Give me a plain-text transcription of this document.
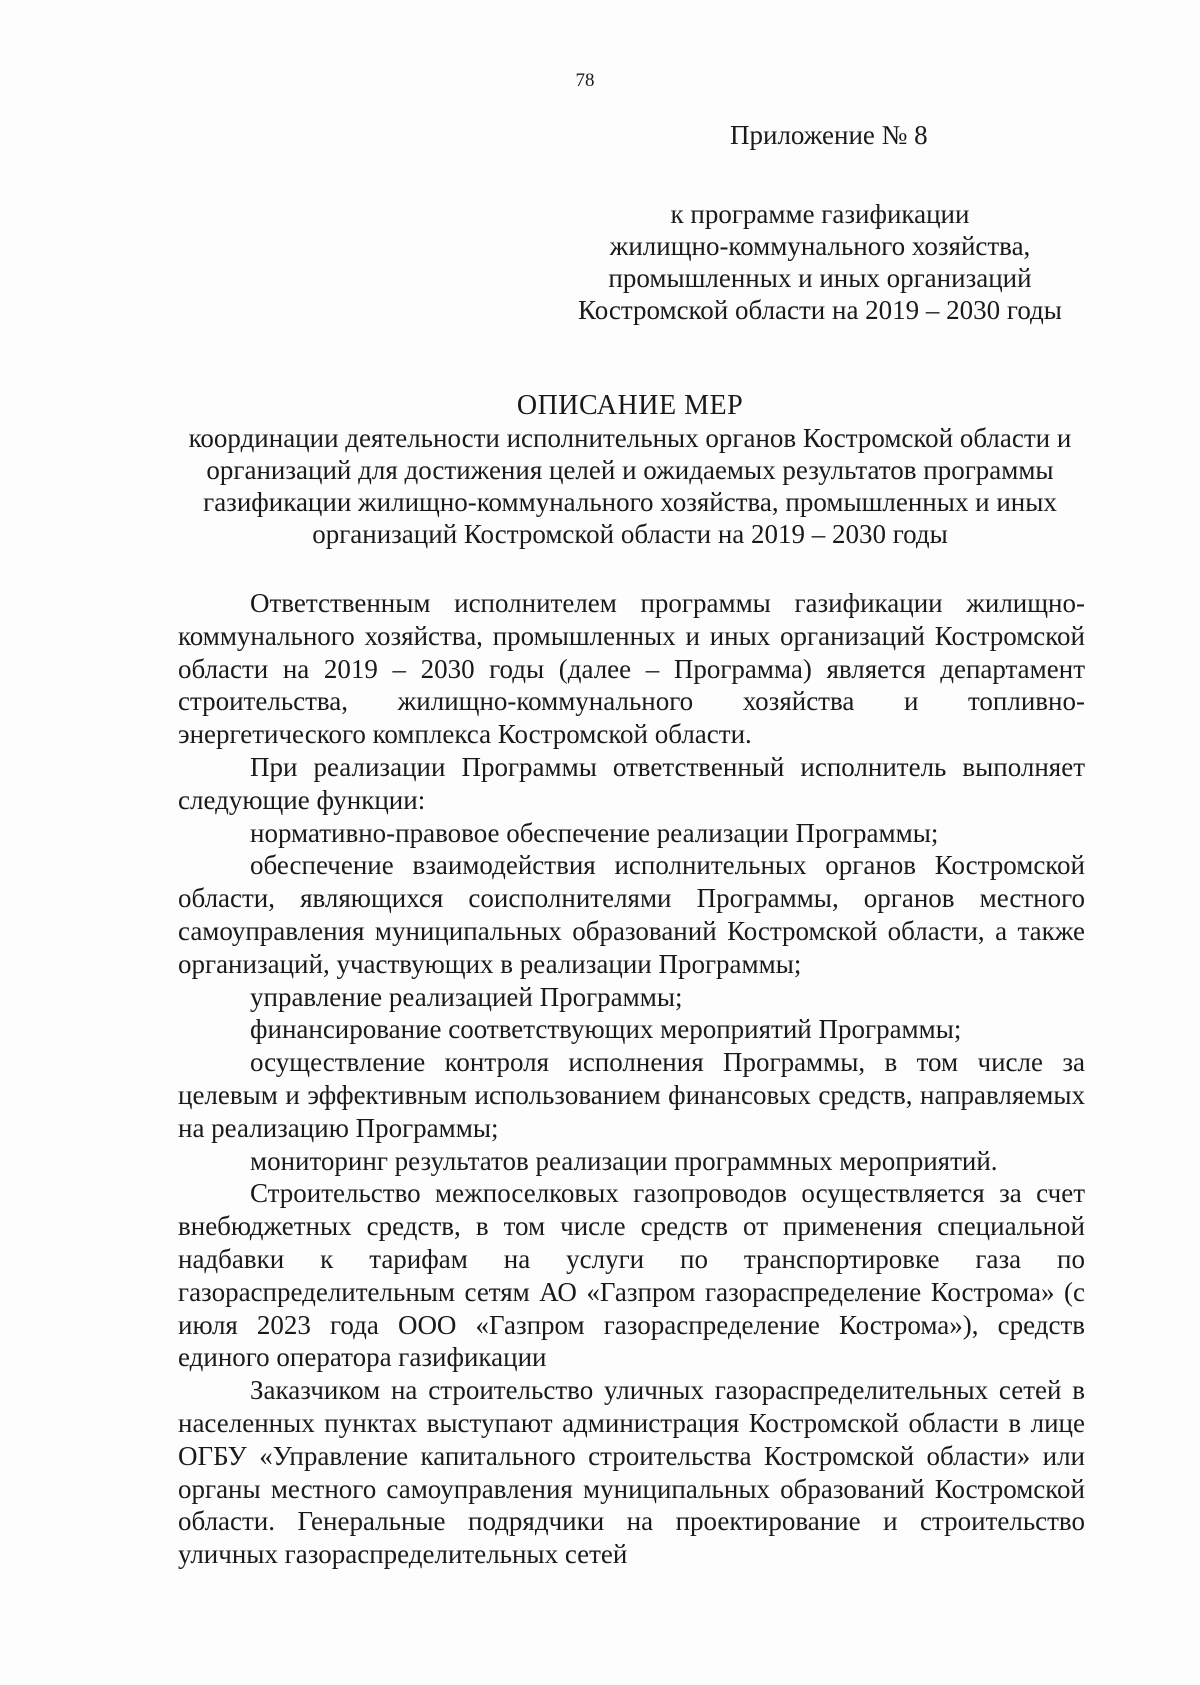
78
Приложение № 8
к программе газификации
жилищно-коммунального хозяйства,
промышленных и иных организаций
Костромской области на 2019 – 2030 годы
ОПИСАНИЕ МЕР
координации деятельности исполнительных органов Костромской области и организаций для достижения целей и ожидаемых результатов программы газификации жилищно-коммунального хозяйства, промышленных и иных организаций Костромской области на 2019 – 2030 годы

Ответственным исполнителем программы газификации жилищно-коммунального хозяйства, промышленных и иных организаций Костромской области на 2019 – 2030 годы (далее – Программа) является департамент строительства, жилищно-коммунального хозяйства и топливно-энергетического комплекса Костромской области.

При реализации Программы ответственный исполнитель выполняет следующие функции:

нормативно-правовое обеспечение реализации Программы;

обеспечение взаимодействия исполнительных органов Костромской области, являющихся соисполнителями Программы, органов местного самоуправления муниципальных образований Костромской области, а также организаций, участвующих в реализации Программы;

управление реализацией Программы;

финансирование соответствующих мероприятий Программы;

осуществление контроля исполнения Программы, в том числе за целевым и эффективным использованием финансовых средств, направляемых на реализацию Программы;

мониторинг результатов реализации программных мероприятий.

Строительство межпоселковых газопроводов осуществляется за счет внебюджетных средств, в том числе средств от применения специальной надбавки к тарифам на услуги по транспортировке газа по газораспределительным сетям АО «Газпром газораспределение Кострома» (с июля 2023 года ООО «Газпром газораспределение Кострома»), средств единого оператора газификации

Заказчиком на строительство уличных газораспределительных сетей в населенных пунктах выступают администрация Костромской области в лице ОГБУ «Управление капитального строительства Костромской области» или органы местного самоуправления муниципальных образований Костромской области. Генеральные подрядчики на проектирование и строительство уличных газораспределительных сетей
